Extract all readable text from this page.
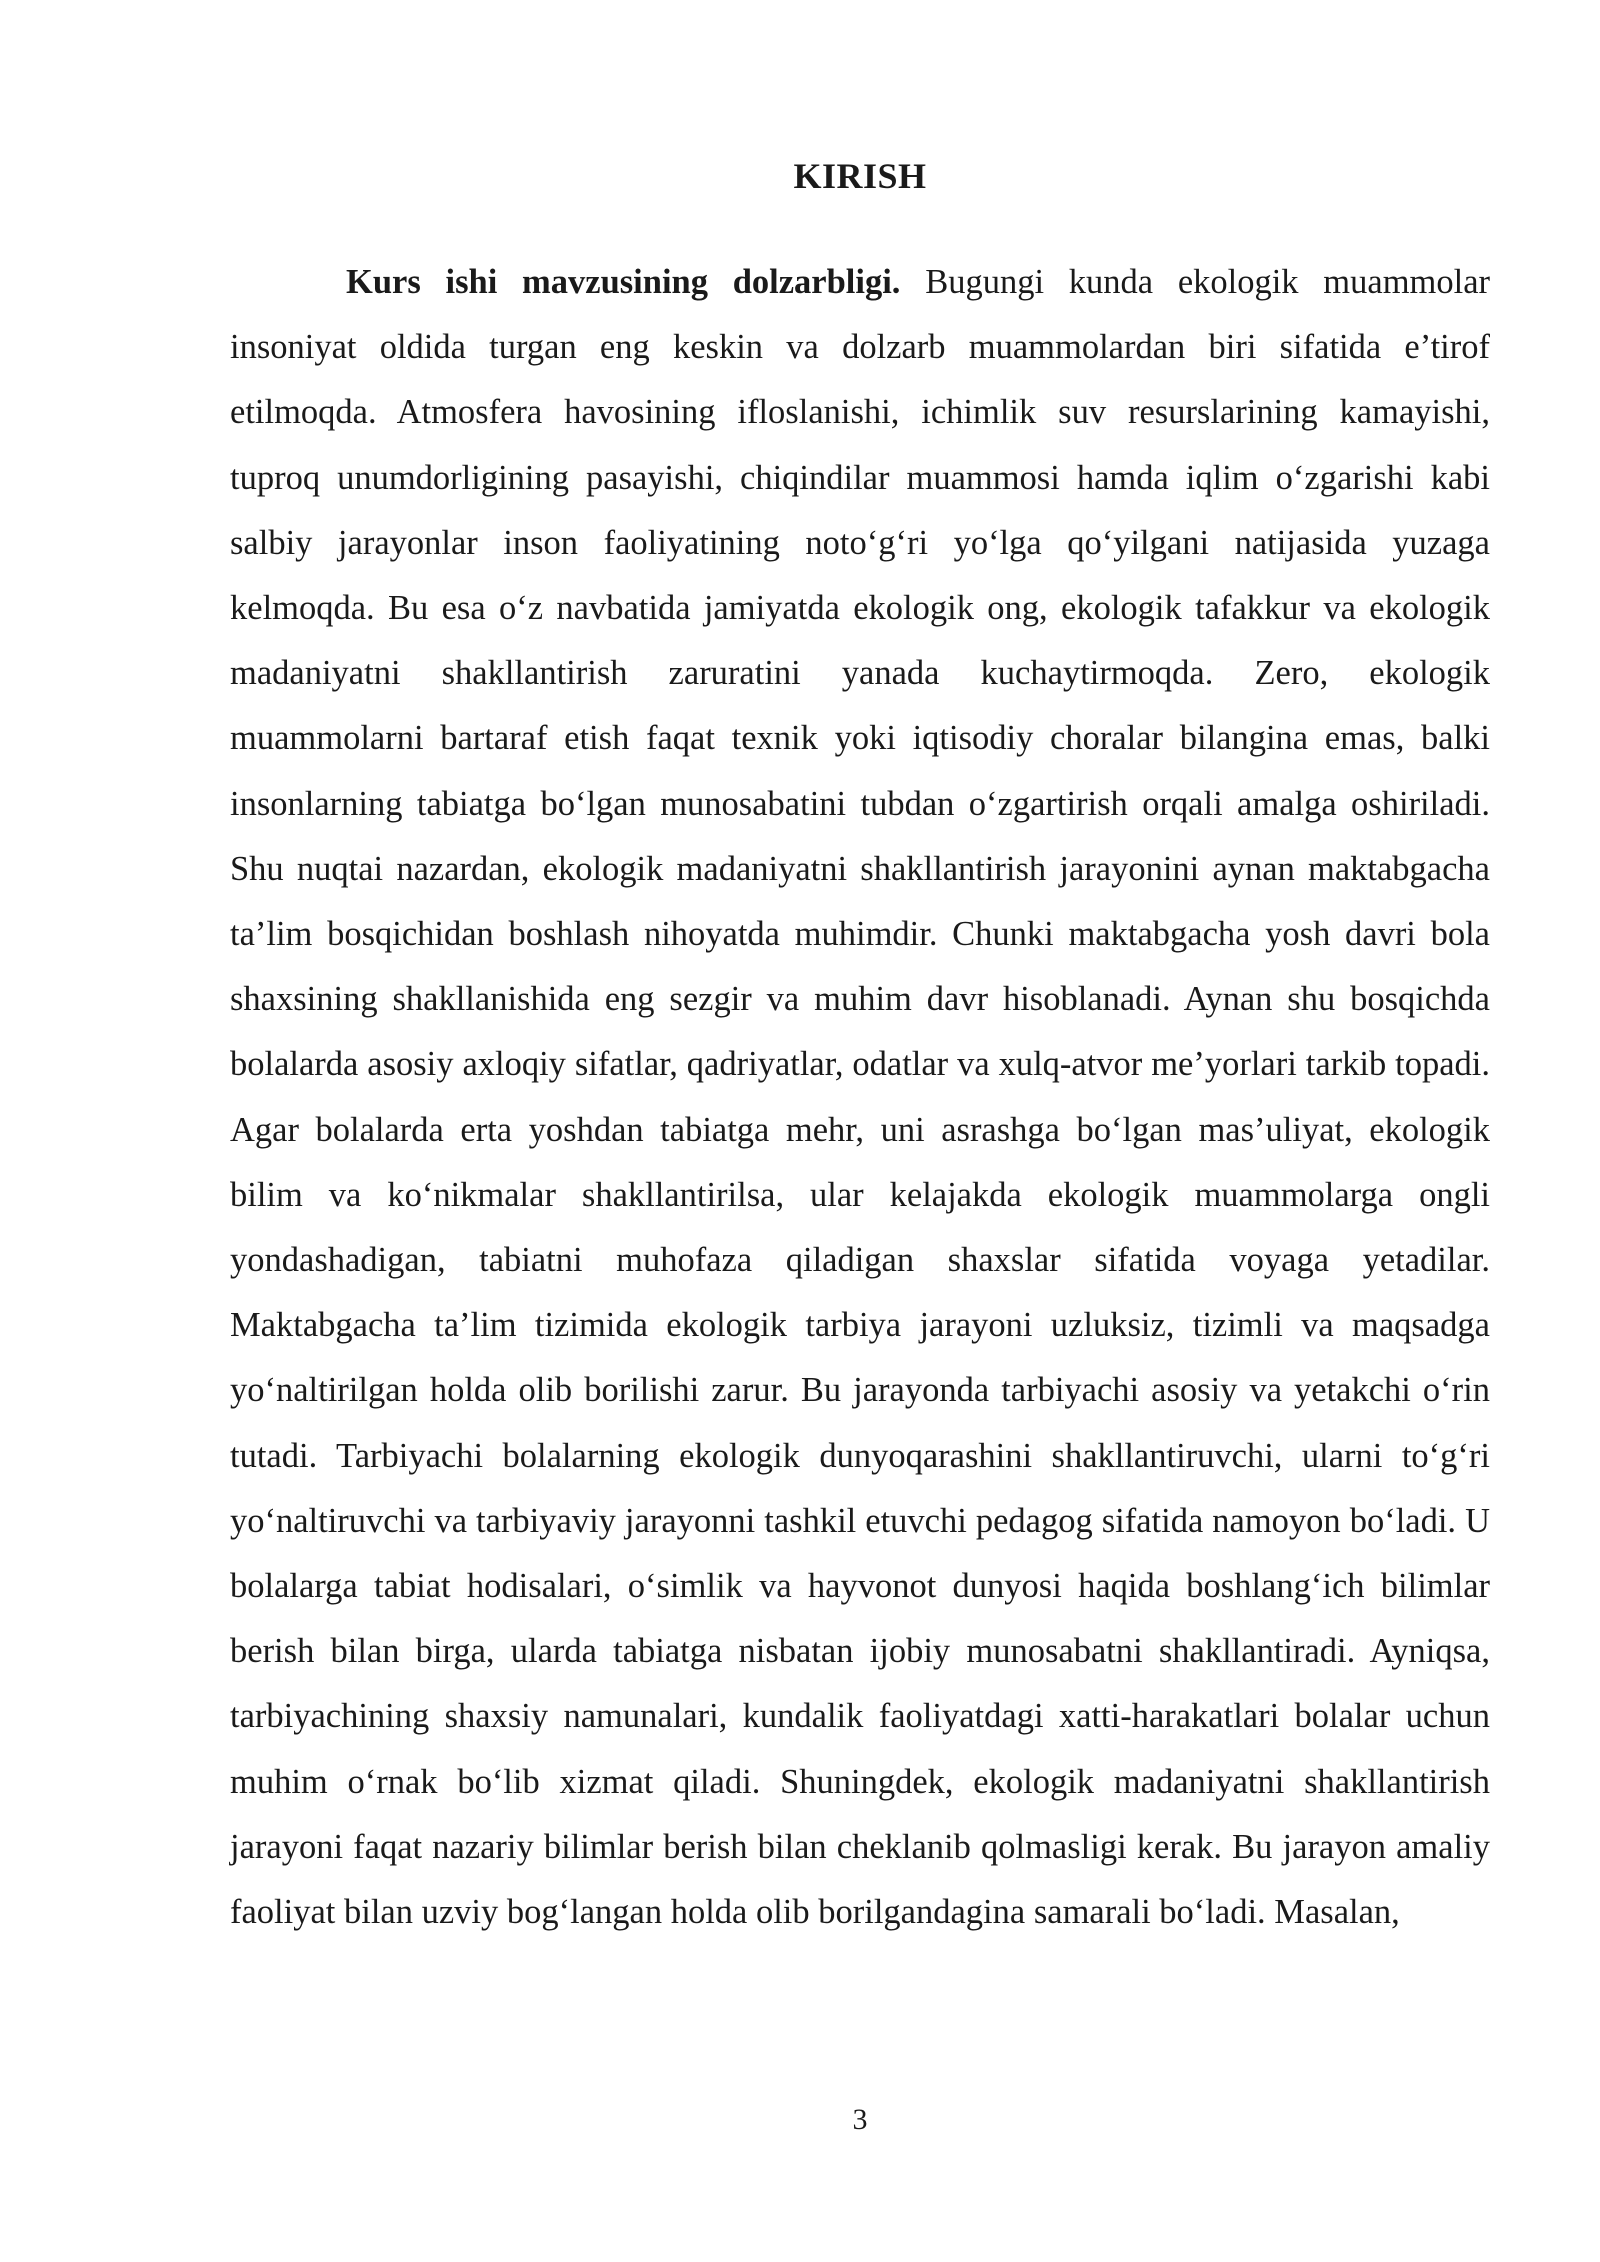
KIRISH

Kurs ishi mavzusining dolzarbligi. Bugungi kunda ekologik muammolar insoniyat oldida turgan eng keskin va dolzarb muammolardan biri sifatida e’tirof etilmoqda. Atmosfera havosining ifloslanishi, ichimlik suv resurslarining kamayishi, tuproq unumdorligining pasayishi, chiqindilar muammosi hamda iqlim o‘zgarishi kabi salbiy jarayonlar inson faoliyatining noto‘g‘ri yo‘lga qo‘yilgani natijasida yuzaga kelmoqda. Bu esa o‘z navbatida jamiyatda ekologik ong, ekologik tafakkur va ekologik madaniyatni shakllantirish zaruratini yanada kuchaytirmoqda. Zero, ekologik muammolarni bartaraf etish faqat texnik yoki iqtisodiy choralar bilangina emas, balki insonlarning tabiatga bo‘lgan munosabatini tubdan o‘zgartirish orqali amalga oshiriladi. Shu nuqtai nazardan, ekologik madaniyatni shakllantirish jarayonini aynan maktabgacha ta’lim bosqichidan boshlash nihoyatda muhimdir. Chunki maktabgacha yosh davri bola shaxsining shakllanishida eng sezgir va muhim davr hisoblanadi. Aynan shu bosqichda bolalarda asosiy axloqiy sifatlar, qadriyatlar, odatlar va xulq-atvor me’yorlari tarkib topadi. Agar bolalarda erta yoshdan tabiatga mehr, uni asrashga bo‘lgan mas’uliyat, ekologik bilim va ko‘nikmalar shakllantirilsa, ular kelajakda ekologik muammolarga ongli yondashadigan, tabiatni muhofaza qiladigan shaxslar sifatida voyaga yetadilar. Maktabgacha ta’lim tizimida ekologik tarbiya jarayoni uzluksiz, tizimli va maqsadga yo‘naltirilgan holda olib borilishi zarur. Bu jarayonda tarbiyachi asosiy va yetakchi o‘rin tutadi. Tarbiyachi bolalarning ekologik dunyoqarashini shakllantiruvchi, ularni to‘g‘ri yo‘naltiruvchi va tarbiyaviy jarayonni tashkil etuvchi pedagog sifatida namoyon bo‘ladi. U bolalarga tabiat hodisalari, o‘simlik va hayvonot dunyosi haqida boshlang‘ich bilimlar berish bilan birga, ularda tabiatga nisbatan ijobiy munosabatni shakllantiradi. Ayniqsa, tarbiyachining shaxsiy namunalari, kundalik faoliyatdagi xatti-harakatlari bolalar uchun muhim o‘rnak bo‘lib xizmat qiladi. Shuningdek, ekologik madaniyatni shakllantirish jarayoni faqat nazariy bilimlar berish bilan cheklanib qolmasligi kerak. Bu jarayon amaliy faoliyat bilan uzviy bog‘langan holda olib borilgandagina samarali bo‘ladi. Masalan,

3
